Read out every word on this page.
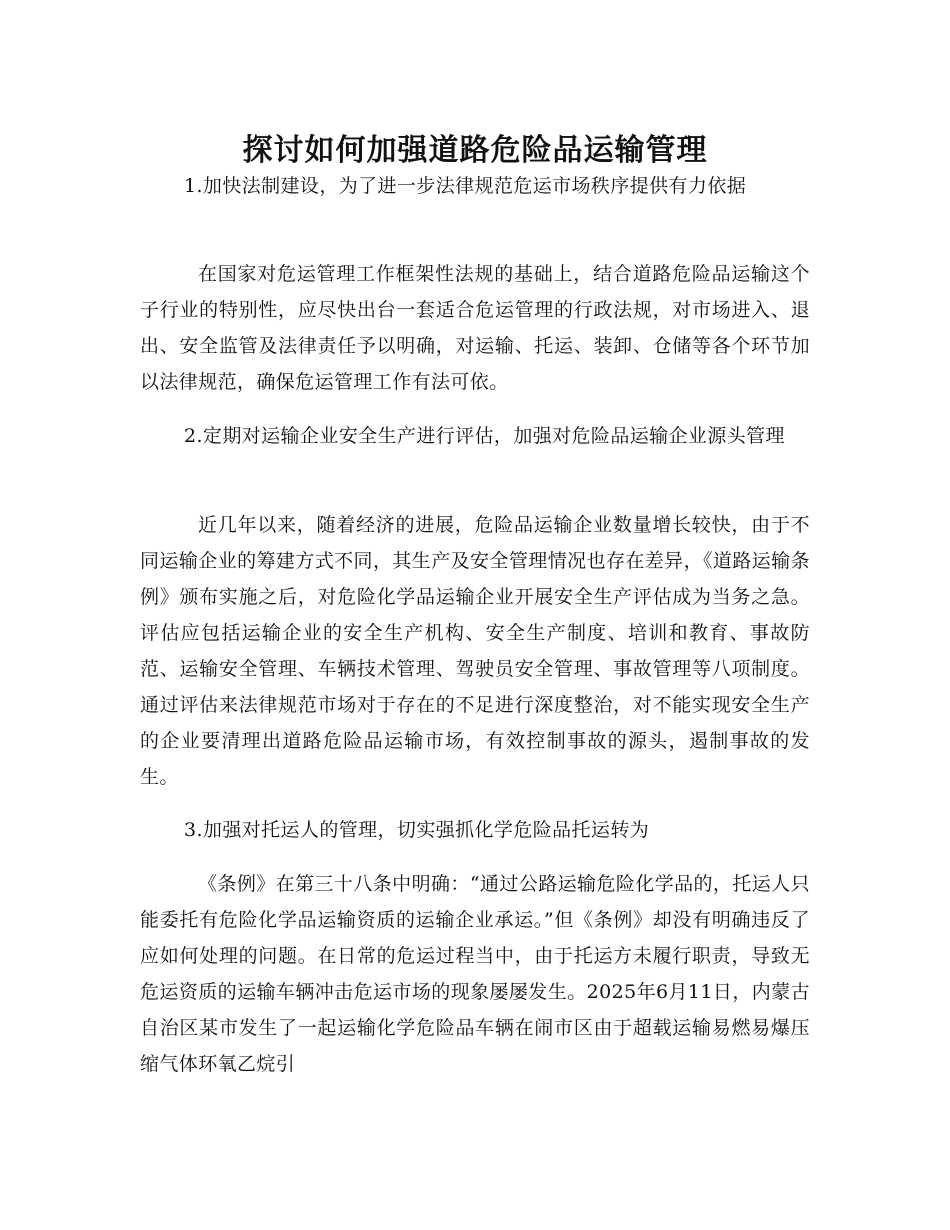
探讨如何加强道路危险品运输管理

1.加快法制建设，为了进一步法律规范危运市场秩序提供有力依据

在国家对危运管理工作框架性法规的基础上，结合道路危险品运输这个子行业的特别性，应尽快出台一套适合危运管理的行政法规，对市场进入、退出、安全监管及法律责任予以明确，对运输、托运、装卸、仓储等各个环节加以法律规范，确保危运管理工作有法可依。

2.定期对运输企业安全生产进行评估，加强对危险品运输企业源头管理

近几年以来，随着经济的进展，危险品运输企业数量增长较快，由于不同运输企业的筹建方式不同，其生产及安全管理情况也存在差异，《道路运输条例》颁布实施之后，对危险化学品运输企业开展安全生产评估成为当务之急。评估应包括运输企业的安全生产机构、安全生产制度、培训和教育、事故防范、运输安全管理、车辆技术管理、驾驶员安全管理、事故管理等八项制度。通过评估来法律规范市场对于存在的不足进行深度整治，对不能实现安全生产的企业要清理出道路危险品运输市场，有效控制事故的源头，遏制事故的发生。

3.加强对托运人的管理，切实强抓化学危险品托运转为

《条例》在第三十八条中明确：“通过公路运输危险化学品的，托运人只能委托有危险化学品运输资质的运输企业承运。”但《条例》却没有明确违反了应如何处理的问题。在日常的危运过程当中，由于托运方未履行职责，导致无危运资质的运输车辆冲击危运市场的现象屡屡发生。2025年6月11日，内蒙古自治区某市发生了一起运输化学危险品车辆在闹市区由于超载运输易燃易爆压缩气体环氧乙烷引
